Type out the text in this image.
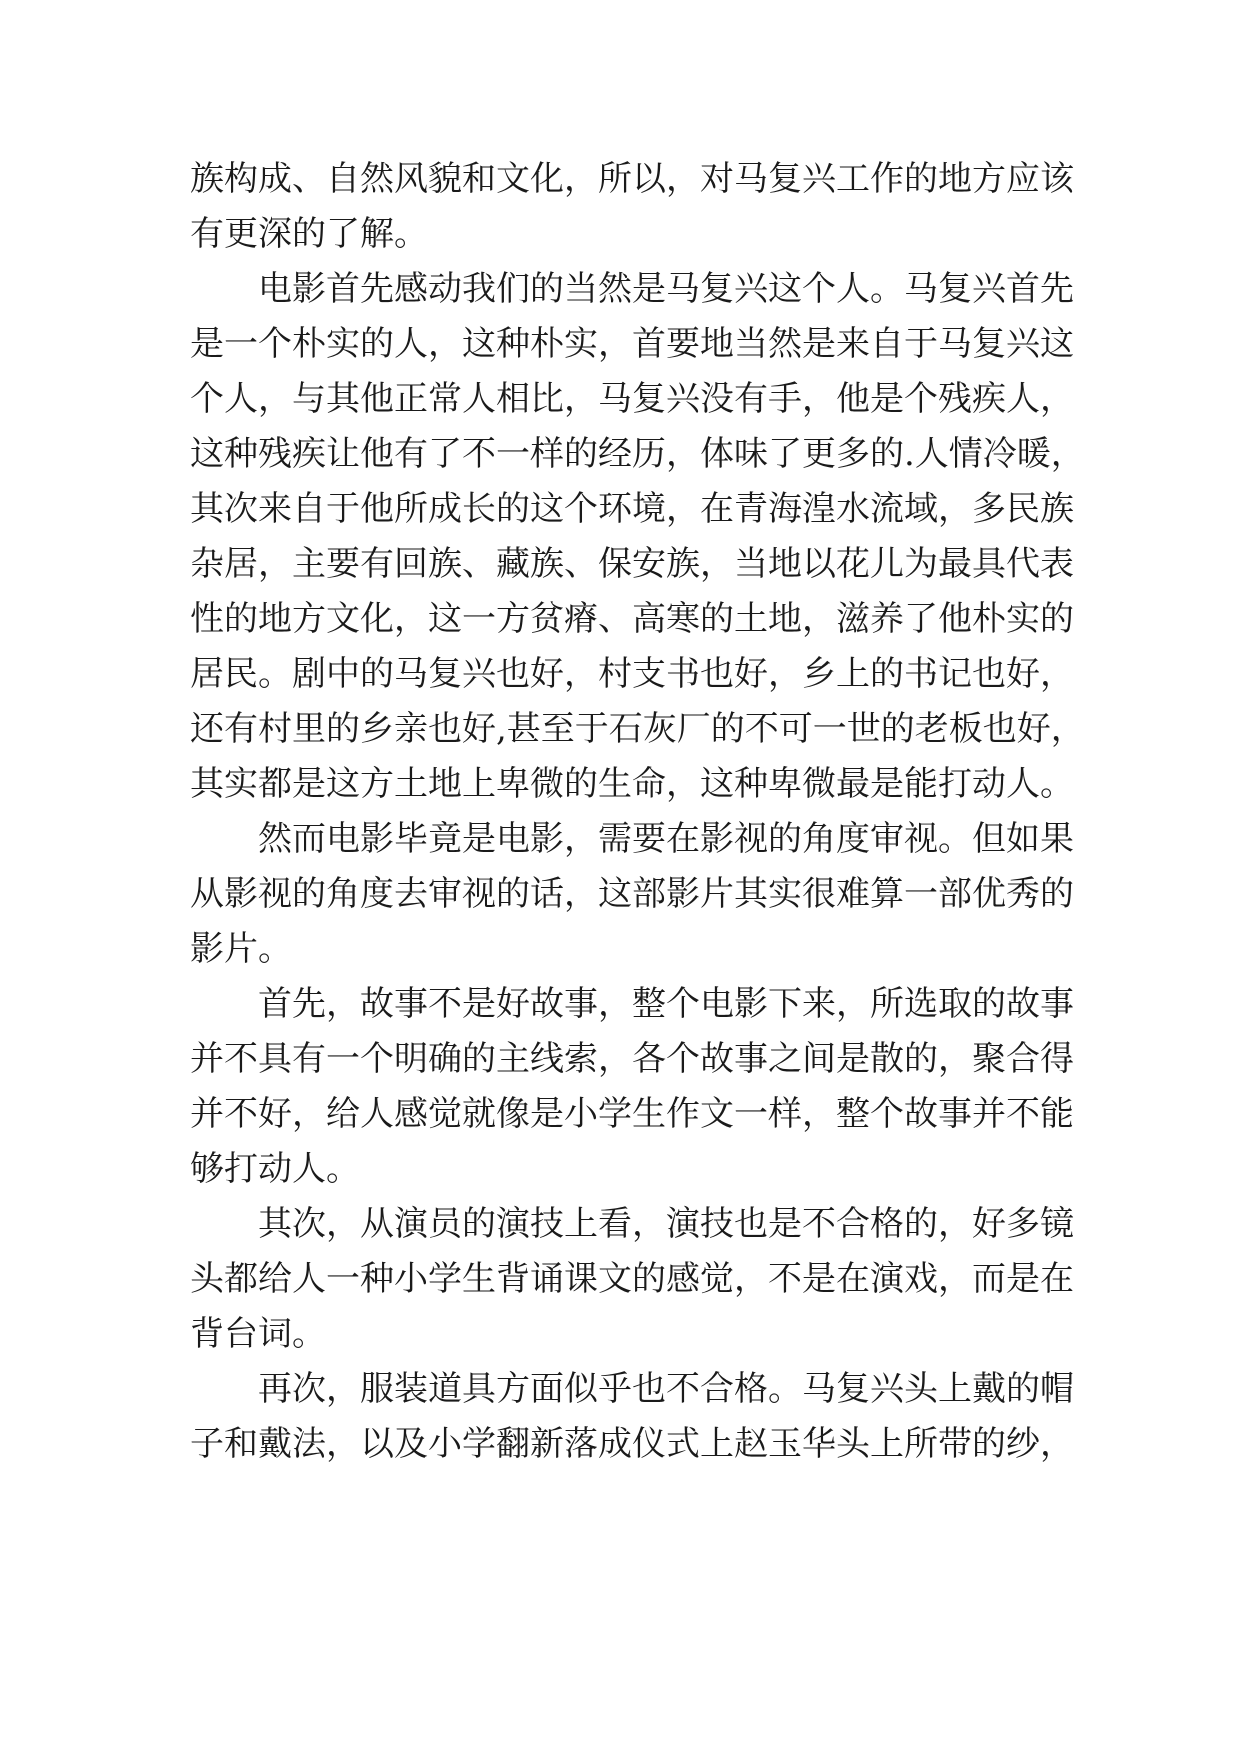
族构成、自然风貌和文化，所以，对马复兴工作的地方应该
有更深的了解。
电影首先感动我们的当然是马复兴这个人。马复兴首先
是一个朴实的人，这种朴实，首要地当然是来自于马复兴这
个人，与其他正常人相比，马复兴没有手，他是个残疾人，
这种残疾让他有了不一样的经历，体味了更多的.人情冷暖，
其次来自于他所成长的这个环境，在青海湟水流域，多民族
杂居，主要有回族、藏族、保安族，当地以花儿为最具代表
性的地方文化，这一方贫瘠、高寒的土地，滋养了他朴实的
居民。剧中的马复兴也好，村支书也好，乡上的书记也好，
还有村里的乡亲也好,甚至于石灰厂的不可一世的老板也好，
其实都是这方土地上卑微的生命，这种卑微最是能打动人。
然而电影毕竟是电影，需要在影视的角度审视。但如果
从影视的角度去审视的话，这部影片其实很难算一部优秀的
影片。
首先，故事不是好故事，整个电影下来，所选取的故事
并不具有一个明确的主线索，各个故事之间是散的，聚合得
并不好，给人感觉就像是小学生作文一样，整个故事并不能
够打动人。
其次，从演员的演技上看，演技也是不合格的，好多镜
头都给人一种小学生背诵课文的感觉，不是在演戏，而是在
背台词。
再次，服装道具方面似乎也不合格。马复兴头上戴的帽
子和戴法，以及小学翻新落成仪式上赵玉华头上所带的纱，
